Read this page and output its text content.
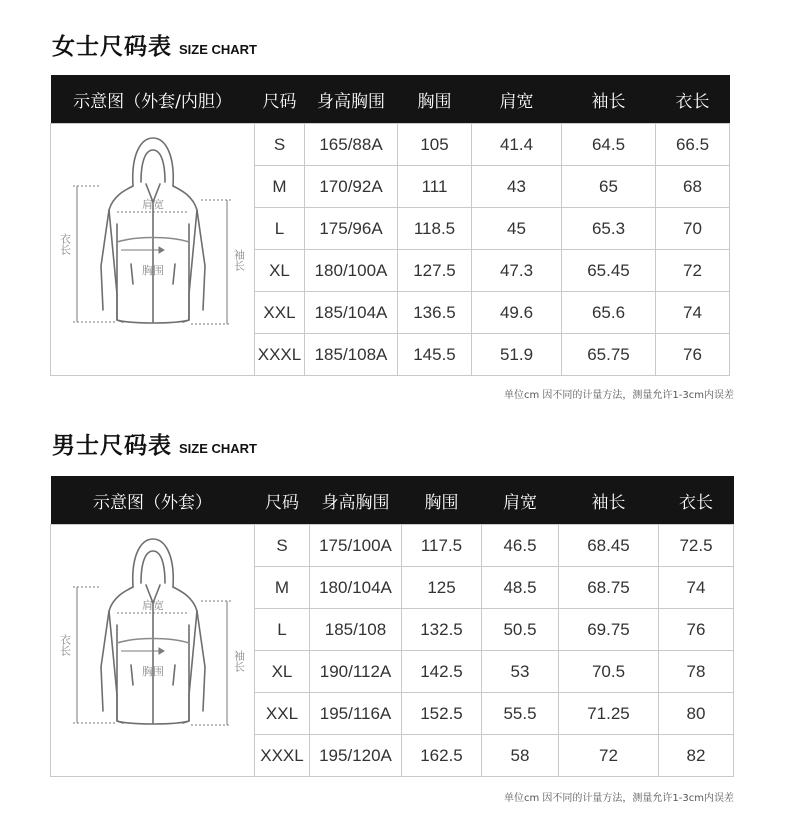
女士尺码表 SIZE CHART
示意图（外套/内胆）	尺码	身高胸围	胸围	肩宽	袖长	衣长

肩宽
胸围
衣长
袖长	S	165/88A	105	41.4	64.5	66.5
	M	170/92A	111	43	65	68
	L	175/96A	118.5	45	65.3	70
	XL	180/100A	127.5	47.3	65.45	72
	XXL	185/104A	136.5	49.6	65.6	74
	XXXL	185/108A	145.5	51.9	65.75	76
单位cm 因不同的计量方法，测量允许1-3cm内误差
男士尺码表 SIZE CHART
示意图（外套）	尺码	身高胸围	胸围	肩宽	袖长	衣长

肩宽
胸围
衣长
袖长	S	175/100A	117.5	46.5	68.45	72.5
	M	180/104A	125	48.5	68.75	74
	L	185/108	132.5	50.5	69.75	76
	XL	190/112A	142.5	53	70.5	78
	XXL	195/116A	152.5	55.5	71.25	80
	XXXL	195/120A	162.5	58	72	82
单位cm 因不同的计量方法，测量允许1-3cm内误差
